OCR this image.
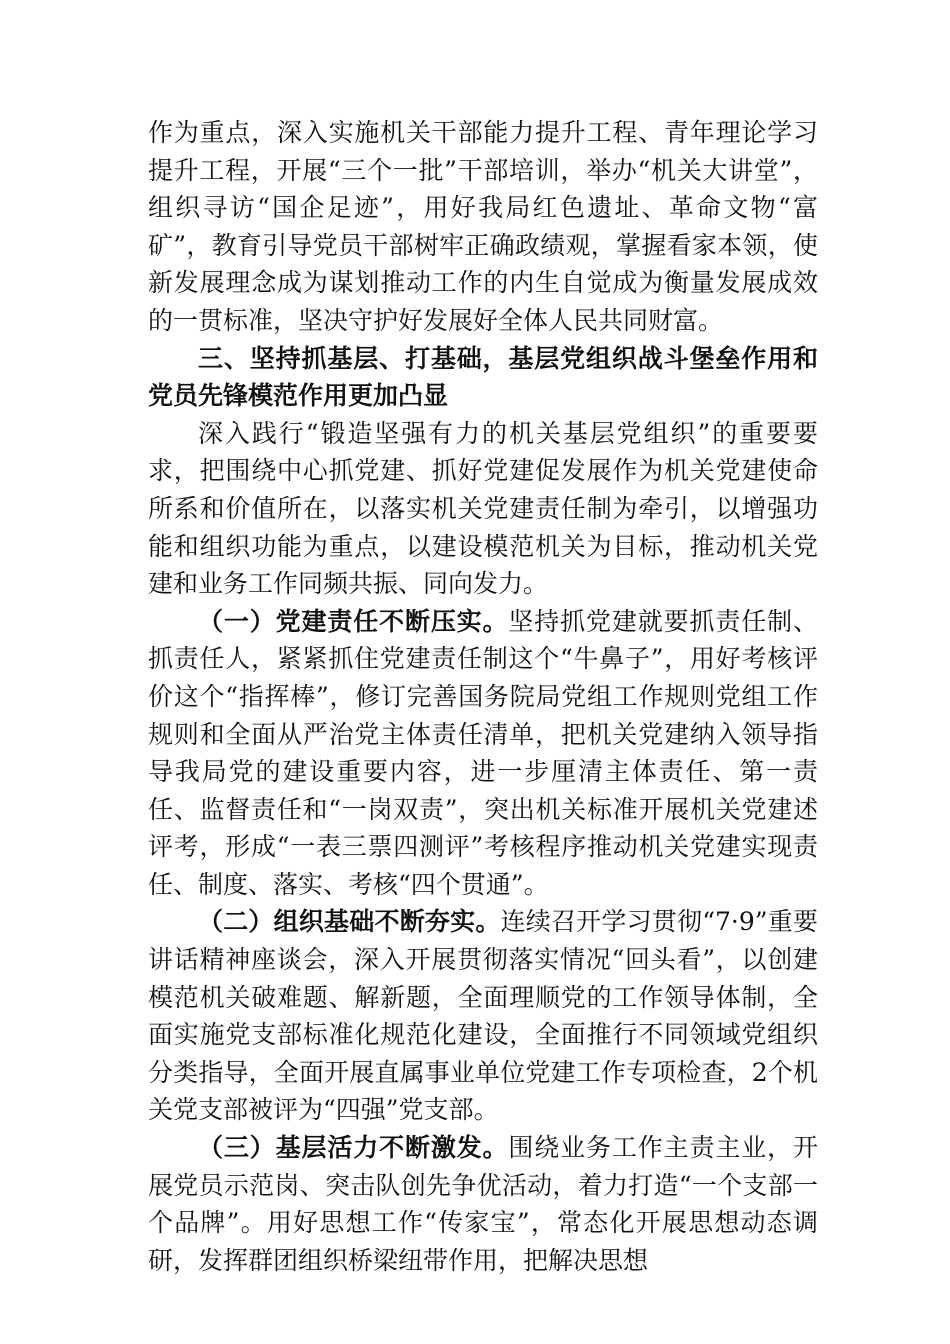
作为重点，深入实施机关干部能力提升工程、青年理论学习提升工程，开展“三个一批”干部培训，举办“机关大讲堂”，组织寻访“国企足迹”，用好我局红色遗址、革命文物“富矿”，教育引导党员干部树牢正确政绩观，掌握看家本领，使新发展理念成为谋划推动工作的内生自觉成为衡量发展成效的一贯标准，坚决守护好发展好全体人民共同财富。

三、坚持抓基层、打基础，基层党组织战斗堡垒作用和党员先锋模范作用更加凸显

深入践行“锻造坚强有力的机关基层党组织”的重要要求，把围绕中心抓党建、抓好党建促发展作为机关党建使命所系和价值所在，以落实机关党建责任制为牵引，以增强功能和组织功能为重点，以建设模范机关为目标，推动机关党建和业务工作同频共振、同向发力。

（一）党建责任不断压实。坚持抓党建就要抓责任制、抓责任人，紧紧抓住党建责任制这个“牛鼻子”，用好考核评价这个“指挥棒”，修订完善国务院局党组工作规则党组工作规则和全面从严治党主体责任清单，把机关党建纳入领导指导我局党的建设重要内容，进一步厘清主体责任、第一责任、监督责任和“一岗双责”，突出机关标准开展机关党建述评考，形成“一表三票四测评”考核程序推动机关党建实现责任、制度、落实、考核“四个贯通”。

（二）组织基础不断夯实。连续召开学习贯彻“7·9”重要讲话精神座谈会，深入开展贯彻落实情况“回头看”，以创建模范机关破难题、解新题，全面理顺党的工作领导体制，全面实施党支部标准化规范化建设，全面推行不同领域党组织分类指导，全面开展直属事业单位党建工作专项检查，2个机关党支部被评为“四强”党支部。

（三）基层活力不断激发。围绕业务工作主责主业，开展党员示范岗、突击队创先争优活动，着力打造“一个支部一个品牌”。用好思想工作“传家宝”，常态化开展思想动态调研，发挥群团组织桥梁纽带作用，把解决思想
